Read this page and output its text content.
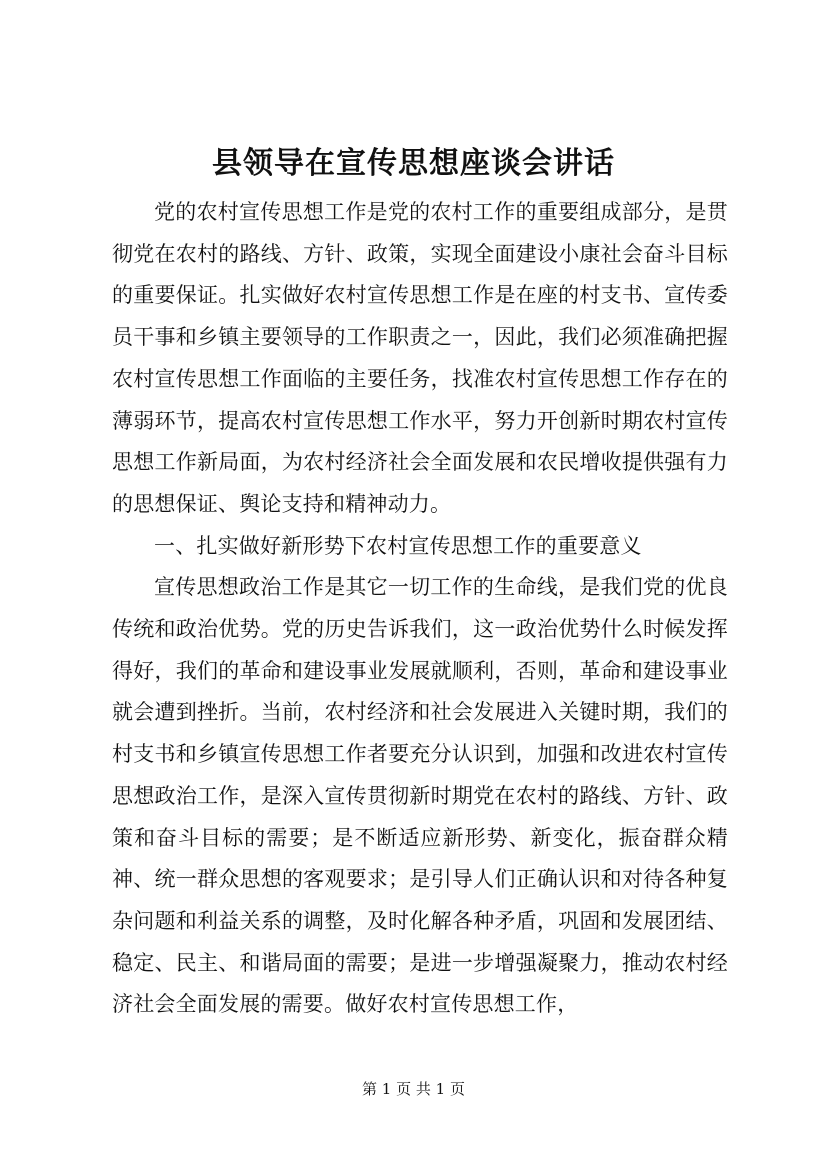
县领导在宣传思想座谈会讲话

党的农村宣传思想工作是党的农村工作的重要组成部分，是贯彻党在农村的路线、方针、政策，实现全面建设小康社会奋斗目标的重要保证。扎实做好农村宣传思想工作是在座的村支书、宣传委员干事和乡镇主要领导的工作职责之一，因此，我们必须准确把握农村宣传思想工作面临的主要任务，找准农村宣传思想工作存在的薄弱环节，提高农村宣传思想工作水平，努力开创新时期农村宣传思想工作新局面，为农村经济社会全面发展和农民增收提供强有力的思想保证、舆论支持和精神动力。

一、扎实做好新形势下农村宣传思想工作的重要意义

宣传思想政治工作是其它一切工作的生命线，是我们党的优良传统和政治优势。党的历史告诉我们，这一政治优势什么时候发挥得好，我们的革命和建设事业发展就顺利，否则，革命和建设事业就会遭到挫折。当前，农村经济和社会发展进入关键时期，我们的村支书和乡镇宣传思想工作者要充分认识到，加强和改进农村宣传思想政治工作，是深入宣传贯彻新时期党在农村的路线、方针、政策和奋斗目标的需要；是不断适应新形势、新变化，振奋群众精神、统一群众思想的客观要求；是引导人们正确认识和对待各种复杂问题和利益关系的调整，及时化解各种矛盾，巩固和发展团结、稳定、民主、和谐局面的需要；是进一步增强凝聚力，推动农村经济社会全面发展的需要。做好农村宣传思想工作，

第 1 页 共 1 页
